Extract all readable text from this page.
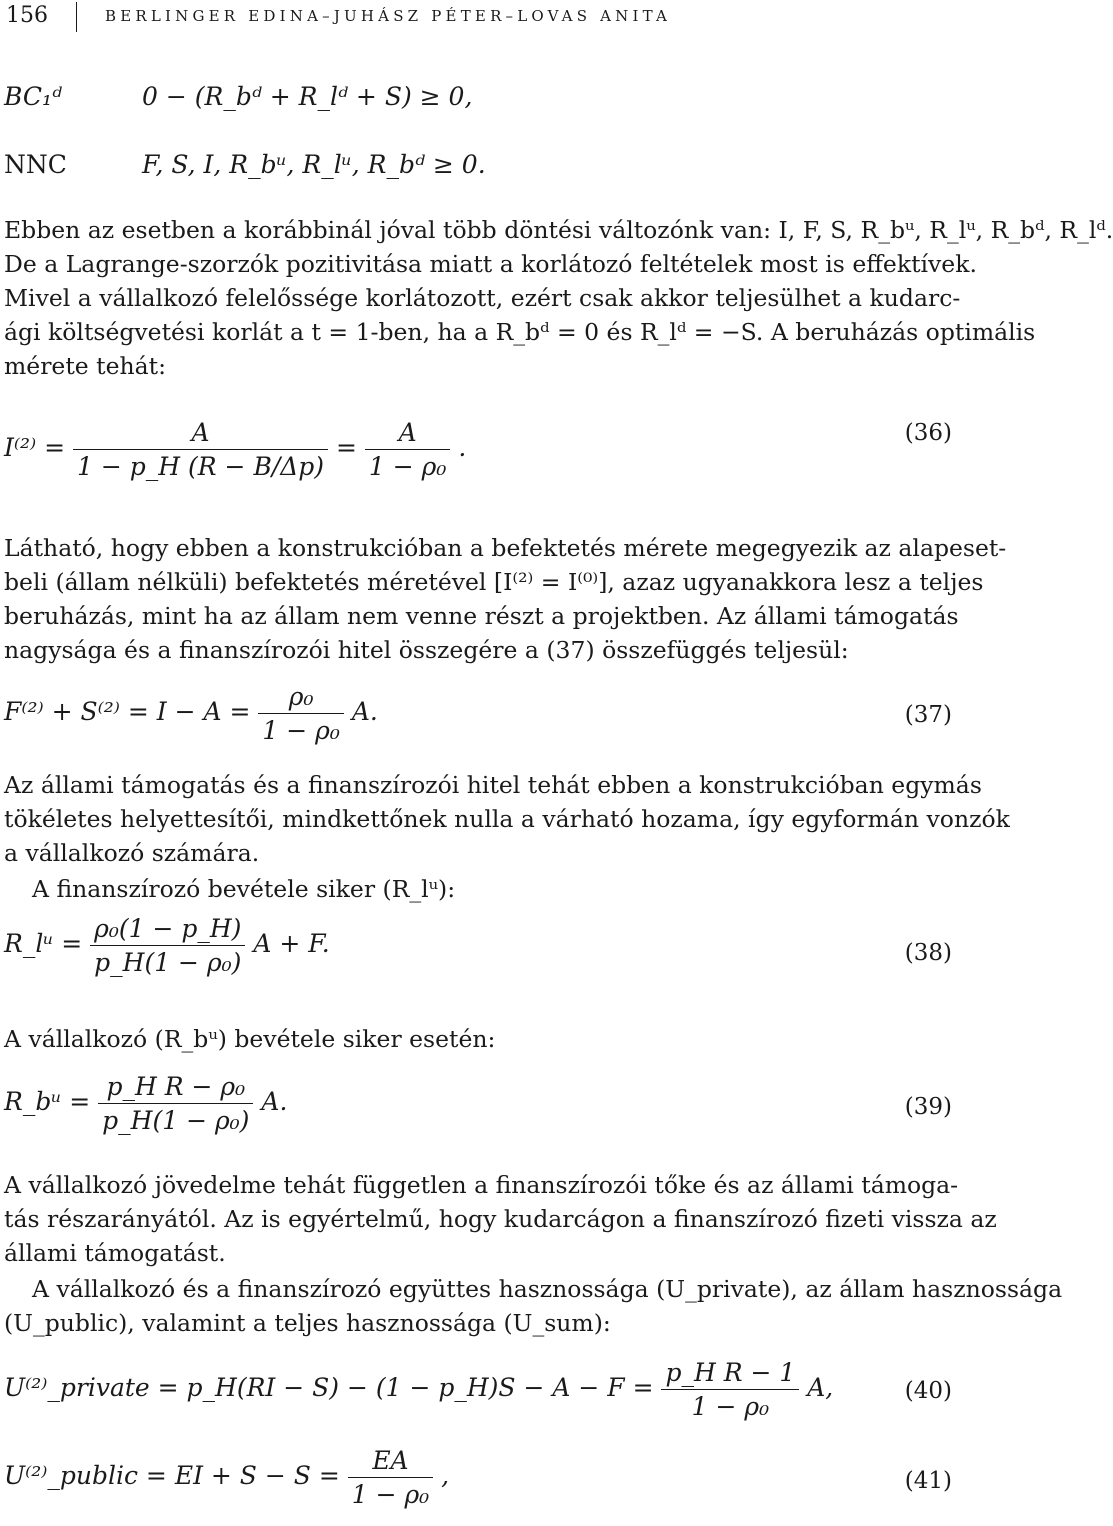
156	BERLINGER EDINA–JUHÁSZ PÉTER–LOVAS ANITA
BC₁ᵈ	0 − (R_bᵈ + R_lᵈ + S) ≥ 0,
NNC	F, S, I, R_bᵘ, R_lᵘ, R_bᵈ ≥ 0.
Ebben az esetben a korábbinál jóval több döntési változónk van: I, F, S, R_bᵘ, R_lᵘ, R_bᵈ, R_lᵈ.
De a Lagrange-szorzók pozitivitása miatt a korlátozó feltételek most is effektívek.
Mivel a vállalkozó felelőssége korlátozott, ezért csak akkor teljesülhet a kudarc-
ági költségvetési korlát a t = 1-ben, ha a R_bᵈ = 0 és R_lᵈ = −S. A beruházás optimális
mérete tehát:
$I^{(2)} = \frac{A}{1 - p\_H (R - B/\Delta p)} = \frac{A}{\text{1 − ρ₀}}$ .	(36)
Látható, hogy ebben a konstrukcióban a befektetés mérete megegyezik az alapeset-
beli (állam nélküli) befektetés méretével [I⁽²⁾ = I⁽⁰⁾], azaz ugyanakkora lesz a teljes
beruházás, mint ha az állam nem venne részt a projektben. Az állami támogatás
nagysága és a finanszírozói hitel összegére a (37) összefüggés teljesül:
$F^{(2)} + S^{(2)} = I - A = \frac{\text{ρ₀}}{\text{1 − ρ₀}} A$.	(37)
Az állami támogatás és a finanszírozói hitel tehát ebben a konstrukcióban egymás
tökéletes helyettesítői, mindkettőnek nulla a várható hozama, így egyformán vonzók
a vállalkozó számára.
A finanszírozó bevétele siker (R_lᵘ):
R_lᵘ = $\frac{\text{ρ₀(1 − p\_H)}}{\text{p\_H(1 − ρ₀)}}$ A + F.	(38)
A vállalkozó (R_bᵘ) bevétele siker esetén:
R_bᵘ = $\frac{\text{p\_H R − ρ₀}}{\text{p\_H(1 − ρ₀)}} A$.	(39)
A vállalkozó jövedelme tehát független a finanszírozói tőke és az állami támoga-
tás részarányától. Az is egyértelmű, hogy kudarcágon a finanszírozó fizeti vissza az
állami támogatást.
A vállalkozó és a finanszírozó együttes hasznossága (U_private), az állam hasznossága
(U_public), valamint a teljes hasznossága (U_sum):
U⁽²⁾_private = p_H(RI − S) − (1 − p_H)S − $A - F = \frac{\text{p\_H R − 1}}{\text{1 − ρ₀}} A$,	(40)
U⁽²⁾_public = EI + $S - S = \frac{EA}{\text{1 − ρ₀}}$ ,	(41)
